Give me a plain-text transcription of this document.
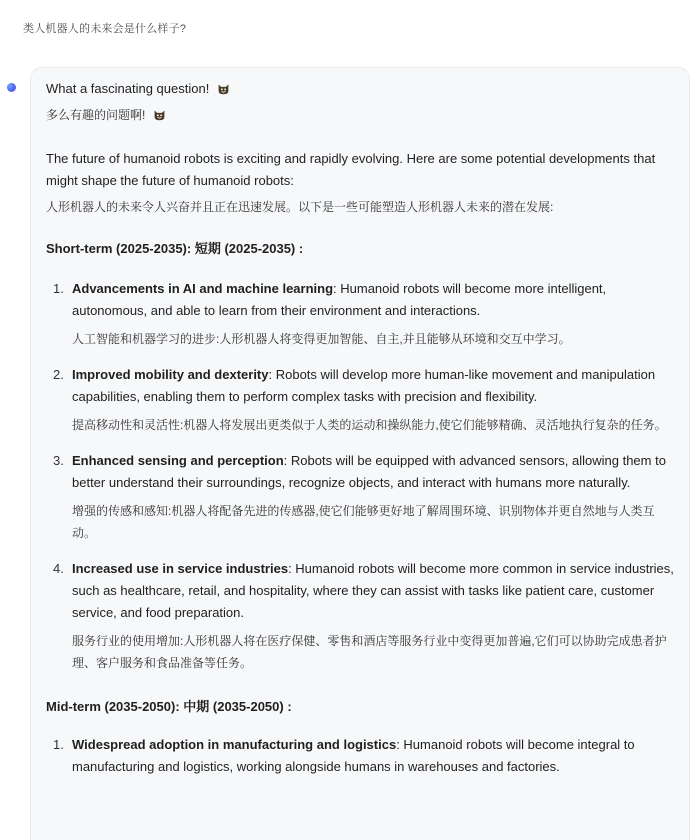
类人机器人的未来会是什么样子?

What a fascinating question!

多么有趣的问题啊!

The future of humanoid robots is exciting and rapidly evolving. Here are some potential developments that might shape the future of humanoid robots:

人形机器人的未来令人兴奋并且正在迅速发展。以下是一些可能塑造人形机器人未来的潜在发展:

Short-term (2025-2035): 短期 (2025-2035) :

1. Advancements in AI and machine learning: Humanoid robots will become more intelligent, autonomous, and able to learn from their environment and interactions.

人工智能和机器学习的进步:人形机器人将变得更加智能、自主,并且能够从环境和交互中学习。

2. Improved mobility and dexterity: Robots will develop more human-like movement and manipulation capabilities, enabling them to perform complex tasks with precision and flexibility.

提高移动性和灵活性:机器人将发展出更类似于人类的运动和操纵能力,使它们能够精确、灵活地执行复杂的任务。

3. Enhanced sensing and perception: Robots will be equipped with advanced sensors, allowing them to better understand their surroundings, recognize objects, and interact with humans more naturally.

增强的传感和感知:机器人将配备先进的传感器,使它们能够更好地了解周围环境、识别物体并更自然地与人类互动。

4. Increased use in service industries: Humanoid robots will become more common in service industries, such as healthcare, retail, and hospitality, where they can assist with tasks like patient care, customer service, and food preparation.

服务行业的使用增加:人形机器人将在医疗保健、零售和酒店等服务行业中变得更加普遍,它们可以协助完成患者护理、客户服务和食品准备等任务。

Mid-term (2035-2050): 中期 (2035-2050) :

1. Widespread adoption in manufacturing and logistics: Humanoid robots will become integral to manufacturing and logistics, working alongside humans in warehouses and factories.
